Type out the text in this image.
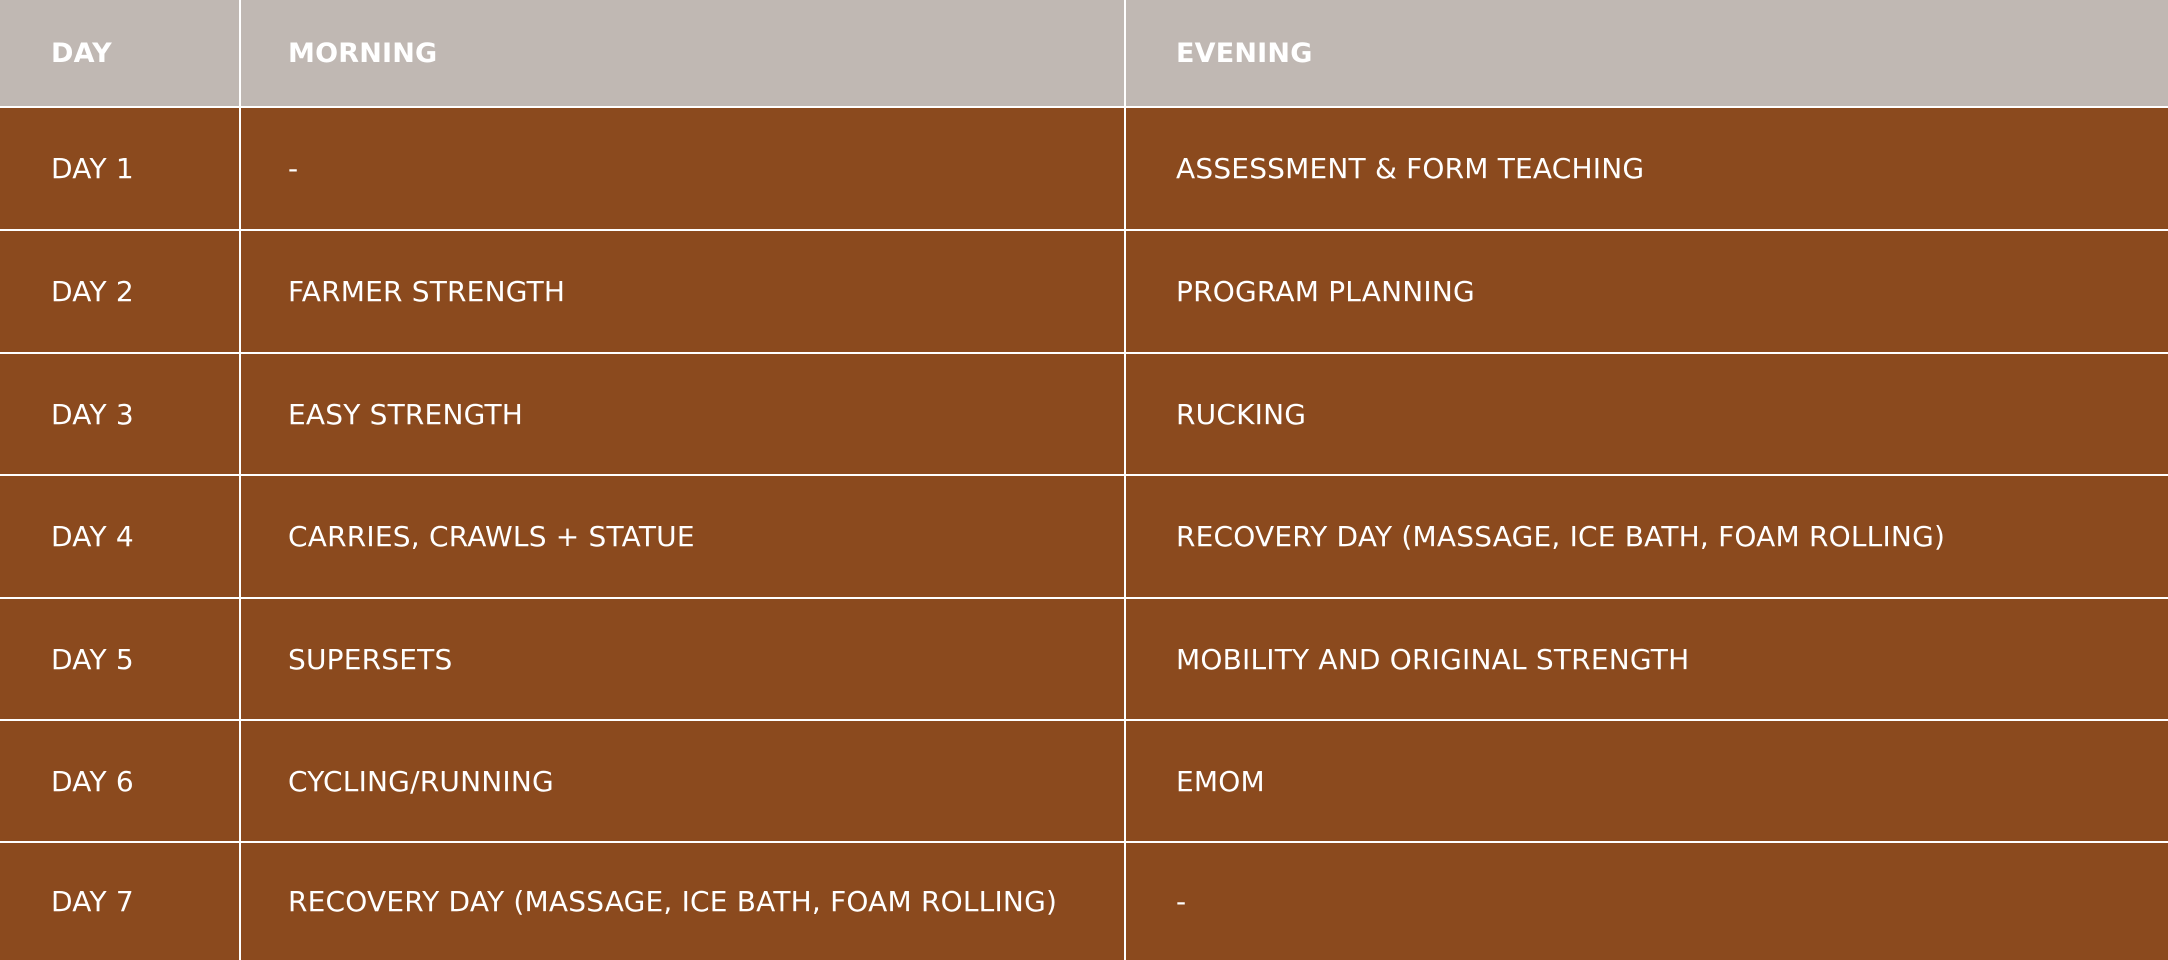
DAY	MORNING	EVENING
DAY 1	-	ASSESSMENT & FORM TEACHING
DAY 2	FARMER STRENGTH	PROGRAM PLANNING
DAY 3	EASY STRENGTH	RUCKING
DAY 4	CARRIES, CRAWLS + STATUE	RECOVERY DAY (MASSAGE, ICE BATH, FOAM ROLLING)
DAY 5	SUPERSETS	MOBILITY AND ORIGINAL STRENGTH
DAY 6	CYCLING/RUNNING	EMOM
DAY 7	RECOVERY DAY (MASSAGE, ICE BATH, FOAM ROLLING)	-
